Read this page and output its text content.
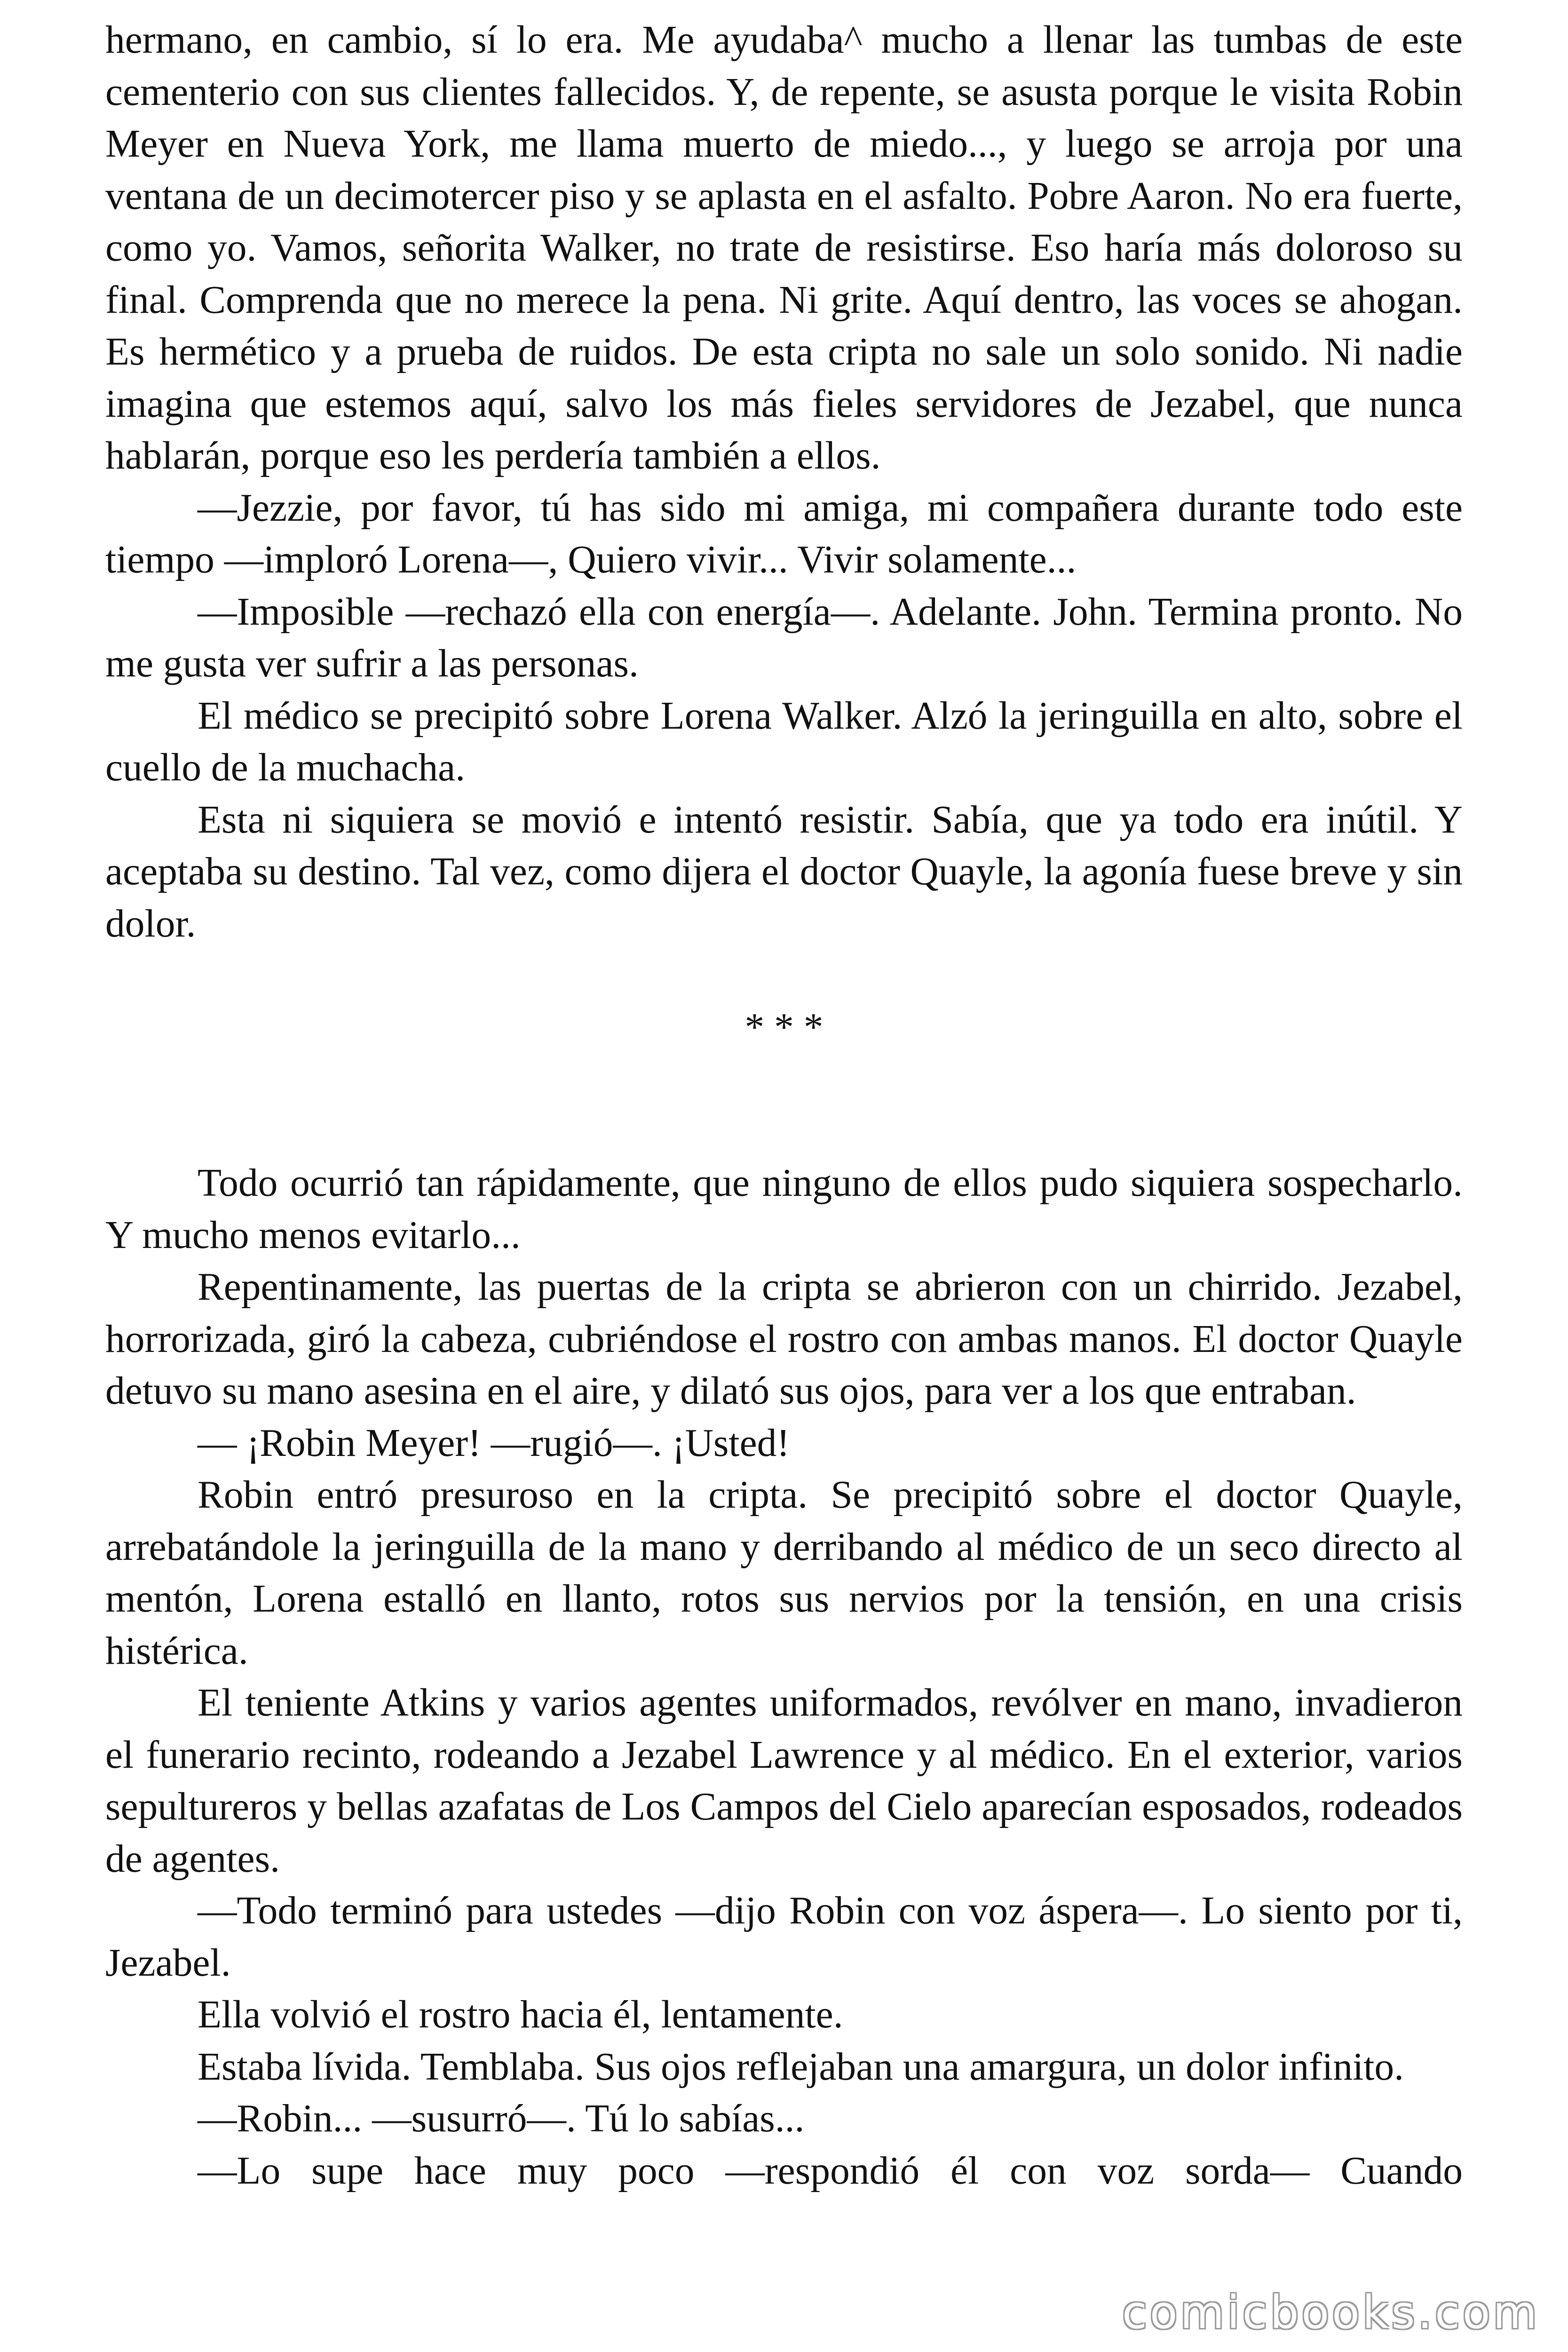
hermano, en cambio, sí lo era. Me ayudaba^ mucho a llenar las tumbas de este cementerio con sus clientes fallecidos. Y, de repente, se asusta porque le visita Robin Meyer en Nueva York, me llama muerto de miedo..., y luego se arroja por una ventana de un decimotercer piso y se aplasta en el asfalto. Pobre Aaron. No era fuerte, como yo. Vamos, señorita Walker, no trate de resistirse. Eso haría más doloroso su final. Comprenda que no merece la pena. Ni grite. Aquí dentro, las voces se ahogan. Es hermético y a prueba de ruidos. De esta cripta no sale un solo sonido. Ni nadie imagina que estemos aquí, salvo los más fieles servidores de Jezabel, que nunca hablarán, porque eso les perdería también a ellos.

—Jezzie, por favor, tú has sido mi amiga, mi compañera durante todo este tiempo —imploró Lorena—, Quiero vivir... Vivir solamente...

—Imposible —rechazó ella con energía—. Adelante. John. Termina pronto. No me gusta ver sufrir a las personas.

El médico se precipitó sobre Lorena Walker. Alzó la jeringuilla en alto, sobre el cuello de la muchacha.

Esta ni siquiera se movió e intentó resistir. Sabía, que ya todo era inútil. Y aceptaba su destino. Tal vez, como dijera el doctor Quayle, la agonía fuese breve y sin dolor.

* * *

Todo ocurrió tan rápidamente, que ninguno de ellos pudo siquiera sospecharlo. Y mucho menos evitarlo...

Repentinamente, las puertas de la cripta se abrieron con un chirrido. Jezabel, horrorizada, giró la cabeza, cubriéndose el rostro con ambas manos. El doctor Quayle detuvo su mano asesina en el aire, y dilató sus ojos, para ver a los que entraban.

— ¡Robin Meyer! —rugió—. ¡Usted!

Robin entró presuroso en la cripta. Se precipitó sobre el doctor Quayle, arrebatándole la jeringuilla de la mano y derribando al médico de un seco directo al mentón, Lorena estalló en llanto, rotos sus nervios por la tensión, en una crisis histérica.

El teniente Atkins y varios agentes uniformados, revólver en mano, invadieron el funerario recinto, rodeando a Jezabel Lawrence y al médico. En el exterior, varios sepultureros y bellas azafatas de Los Campos del Cielo aparecían esposados, rodeados de agentes.

—Todo terminó para ustedes —dijo Robin con voz áspera—. Lo siento por ti, Jezabel.

Ella volvió el rostro hacia él, lentamente.

Estaba lívida. Temblaba. Sus ojos reflejaban una amargura, un dolor infinito.

—Robin... —susurró—. Tú lo sabías...

—Lo supe hace muy poco —respondió él con voz sorda— Cuando

comicbooks.com
